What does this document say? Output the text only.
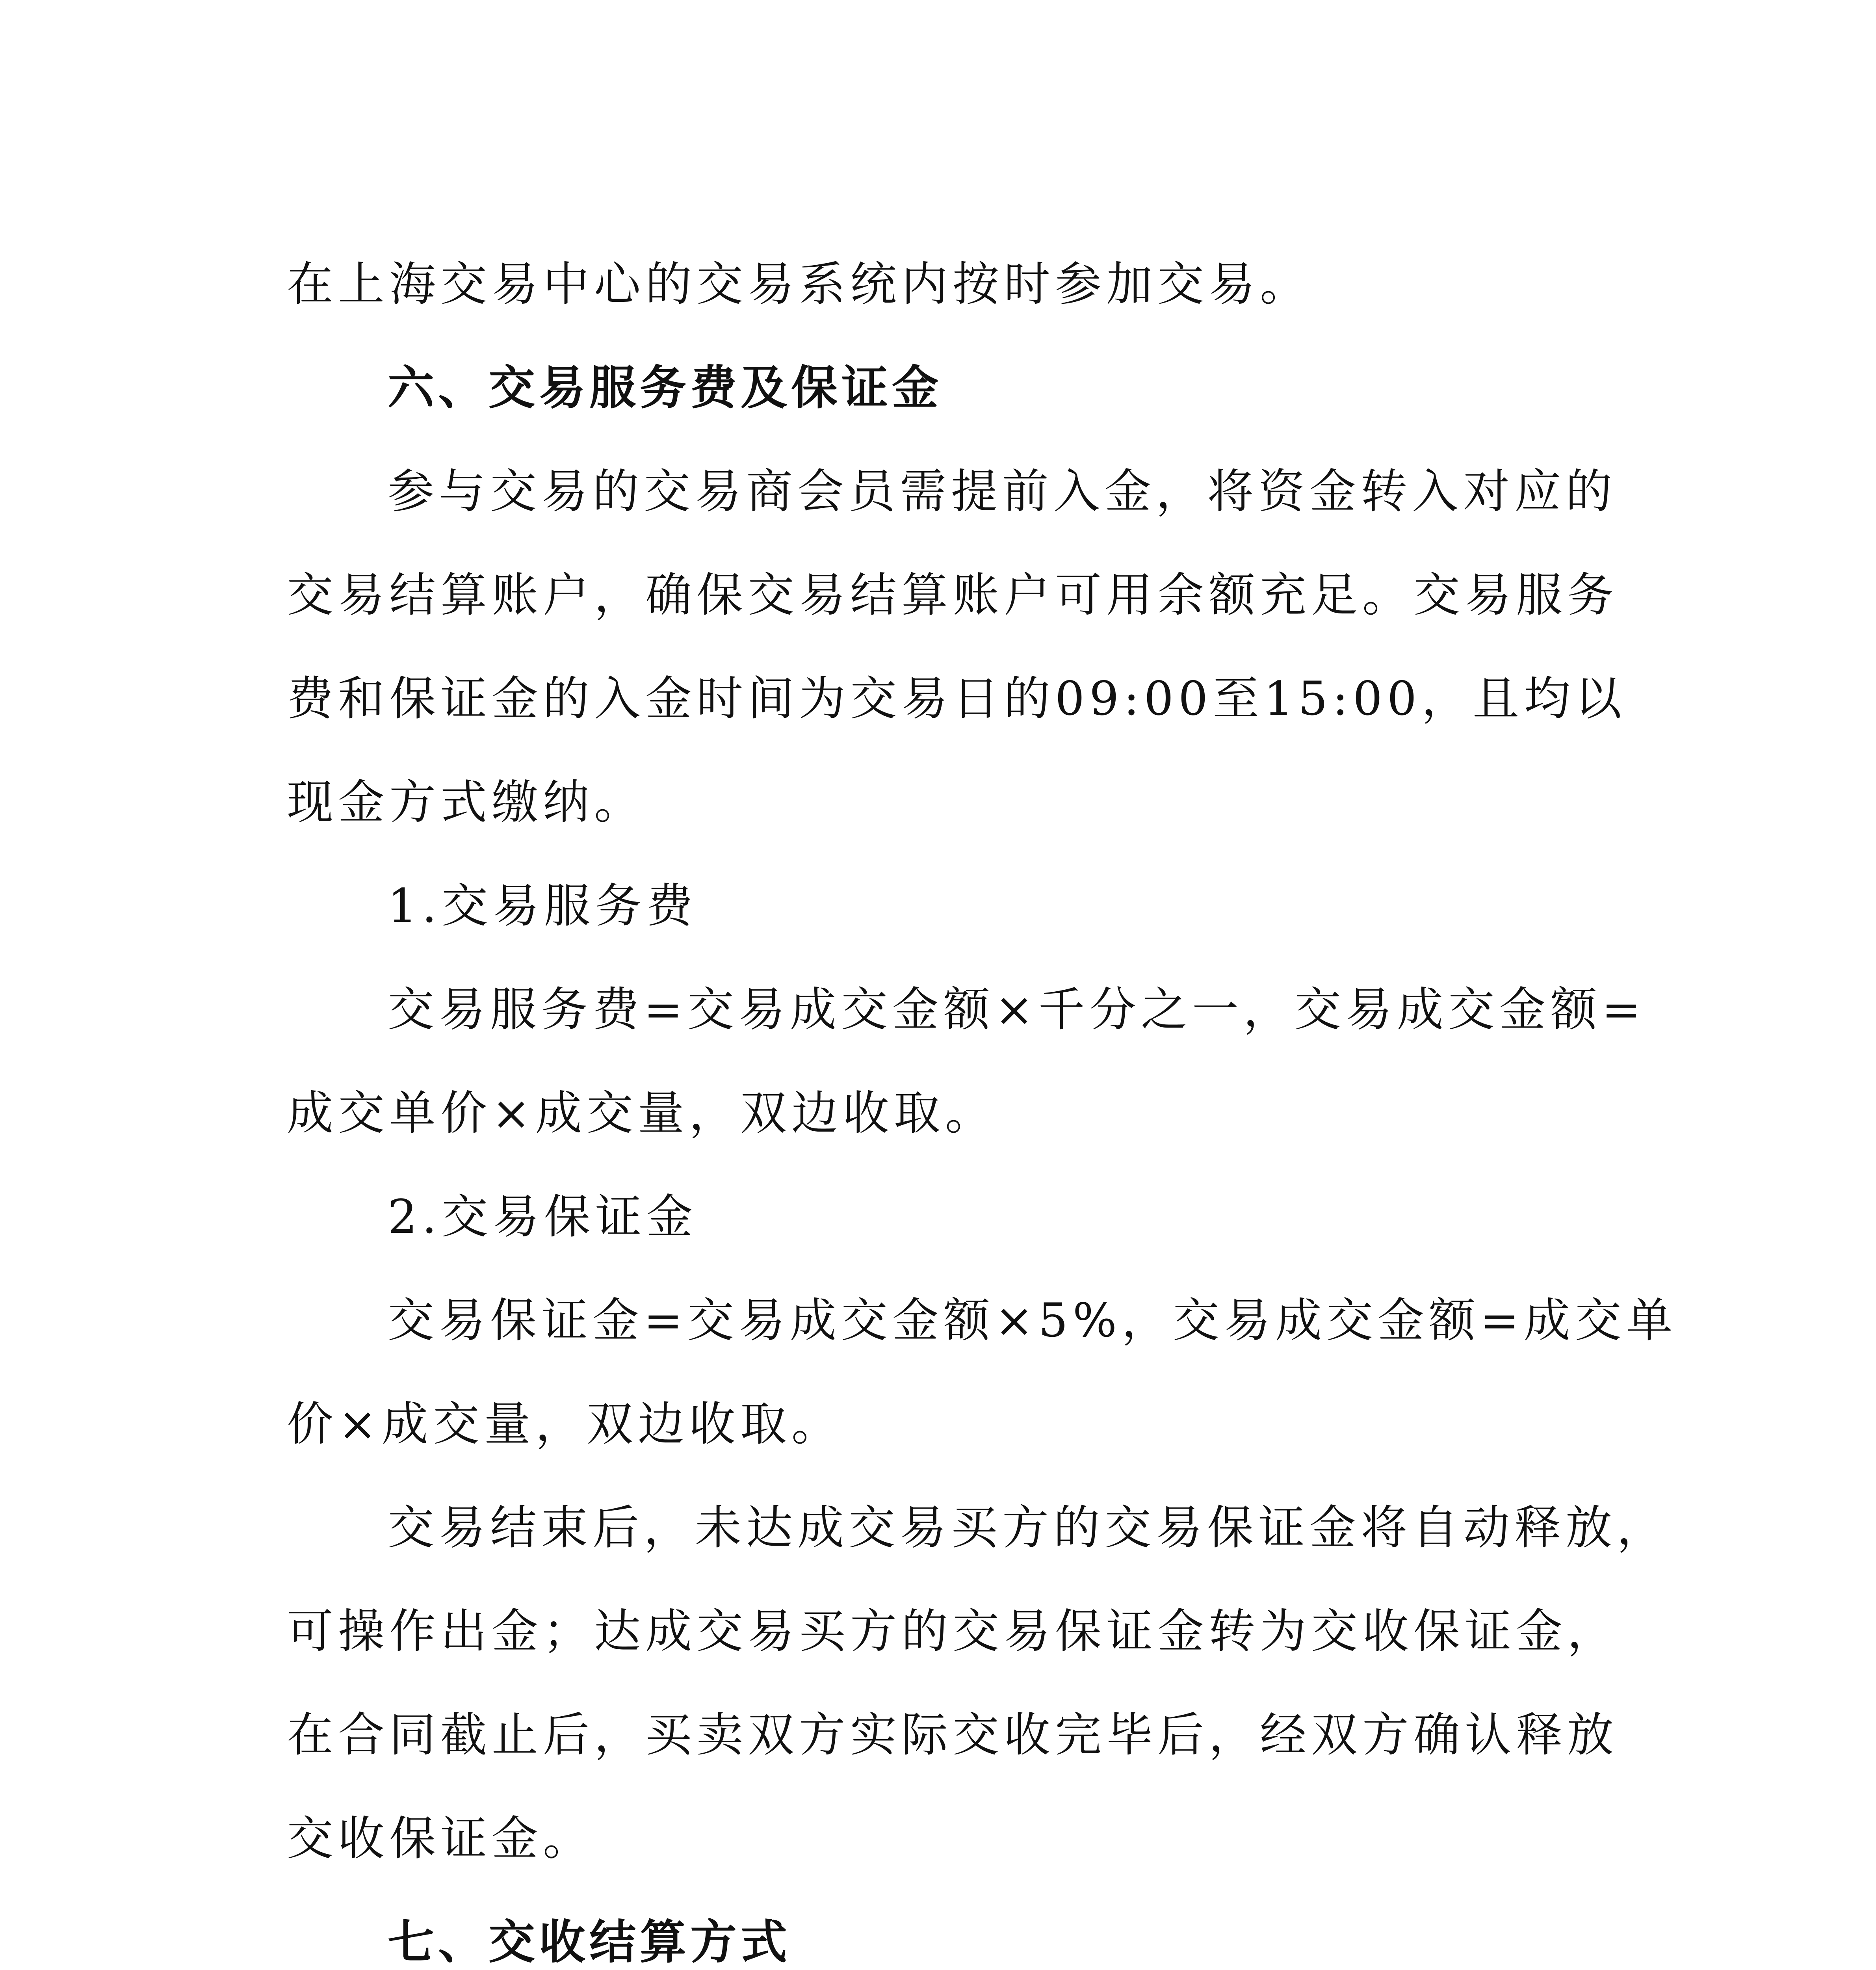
在上海交易中心的交易系统内按时参加交易。
六、交易服务费及保证金
参与交易的交易商会员需提前入金，将资金转入对应的
交易结算账户，确保交易结算账户可用余额充足。交易服务
费和保证金的入金时间为交易日的09:00至15:00，且均以
现金方式缴纳。
1.交易服务费
交易服务费=交易成交金额×千分之一，交易成交金额=
成交单价×成交量，双边收取。
2.交易保证金
交易保证金=交易成交金额×5%，交易成交金额=成交单
价×成交量，双边收取。
交易结束后，未达成交易买方的交易保证金将自动释放，
可操作出金；达成交易买方的交易保证金转为交收保证金，
在合同截止后，买卖双方实际交收完毕后，经双方确认释放
交收保证金。
七、交收结算方式
